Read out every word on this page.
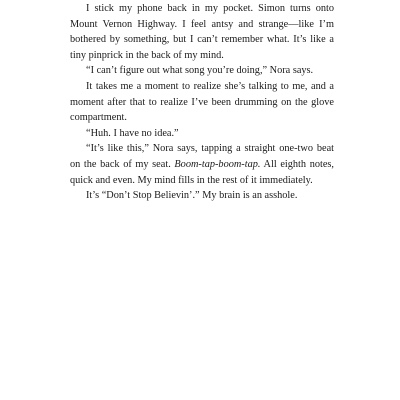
I stick my phone back in my pocket. Simon turns onto Mount Vernon Highway. I feel antsy and strange—like I’m bothered by something, but I can’t remember what. It’s like a tiny pinprick in the back of my mind.

“I can’t figure out what song you’re doing,” Nora says.

It takes me a moment to realize she’s talking to me, and a moment after that to realize I’ve been drumming on the glove compartment.

“Huh. I have no idea.”

“It’s like this,” Nora says, tapping a straight one-two beat on the back of my seat. Boom-tap-boom-tap. All eighth notes, quick and even. My mind fills in the rest of it immediately.

It’s “Don’t Stop Believin’.” My brain is an asshole.
